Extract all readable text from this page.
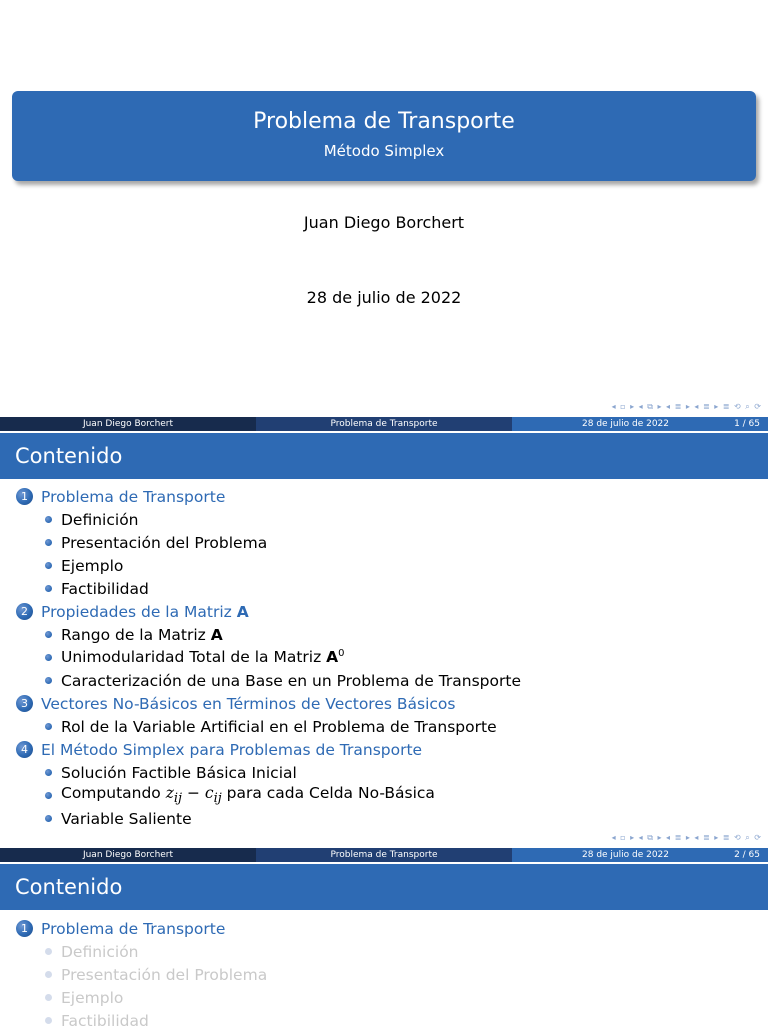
Problema de Transporte
Método Simplex
Juan Diego Borchert
28 de julio de 2022
◂ ▫ ▸ ◂ ⧉ ▸ ◂ ≣ ▸ ◂ ≣ ▸ ≣ ⟲ ⌕ ⟳
Juan Diego Borchert	Problema de Transporte	28 de julio de 2022	1 / 65
Contenido
1 Problema de Transporte
Definición
Presentación del Problema
Ejemplo
Factibilidad
2 Propiedades de la Matriz A
Rango de la Matriz A
Unimodularidad Total de la Matriz $A^0$
Caracterización de una Base en un Problema de Transporte
3 Vectores No-Básicos en Términos de Vectores Básicos
Rol de la Variable Artificial en el Problema de Transporte
4 El Método Simplex para Problemas de Transporte
Solución Factible Básica Inicial
Computando $z_{ij} - c_{ij}$ para cada Celda No-Básica
Variable Saliente
◂ ▫ ▸ ◂ ⧉ ▸ ◂ ≣ ▸ ◂ ≣ ▸ ≣ ⟲ ⌕ ⟳
Juan Diego Borchert	Problema de Transporte	28 de julio de 2022	2 / 65
Contenido
1 Problema de Transporte
Definición
Presentación del Problema
Ejemplo
Factibilidad
